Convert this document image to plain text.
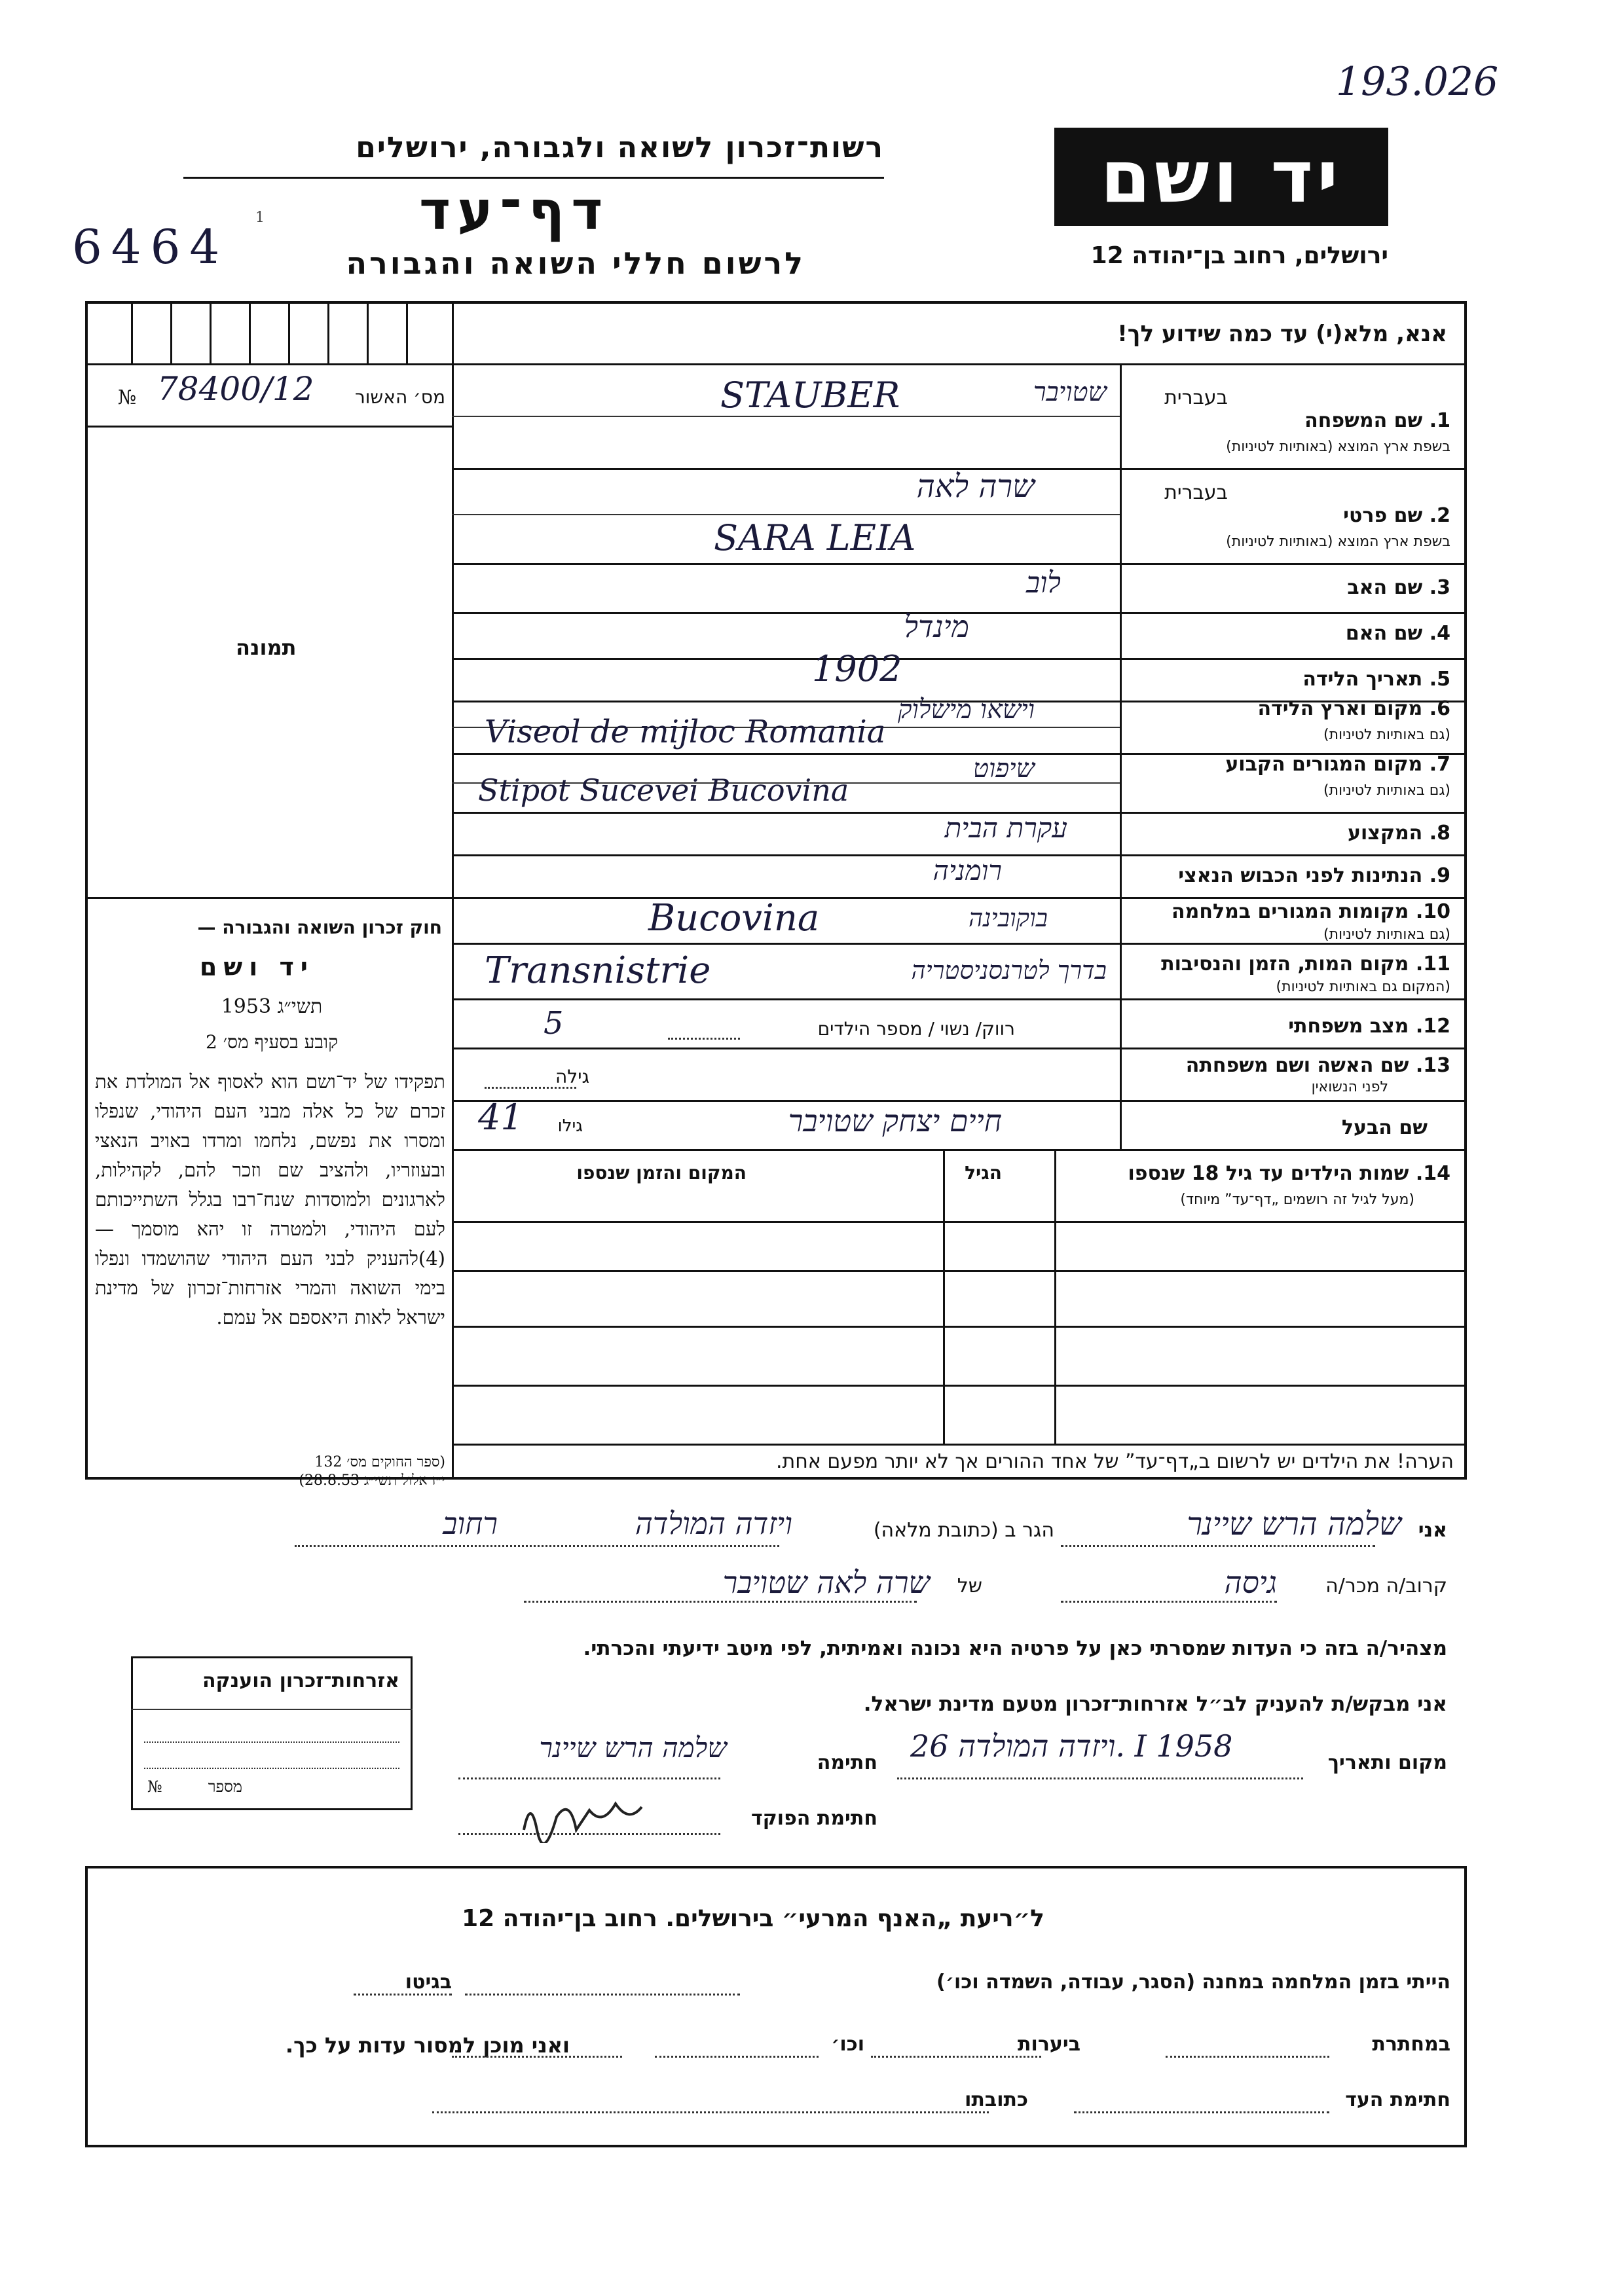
193.026
יד ושם
ירושלים, רחוב בן־יהודה 12
רשות־זכרון לשואה ולגבורה, ירושלים
דף־עד
1
6464	לרשום חללי השואה והגבורה
אנא, מלא(י) עד כמה שידוע לך!
№ 78400/12 מס׳ האשור
תמונה
בעברית
1. שם המשפחה
בשפת ארץ המוצא (באותיות לטיניות)
STAUBER	שטויבר
בעברית
2. שם פרטי
בשפת ארץ המוצא (באותיות לטיניות)
שרה לאה
SARA LEIA
3. שם האב
לוב
4. שם האם
מינדל
5. תאריך הלידה
1902
6. מקום וארץ הלידה
(גם באותיות לטיניות)
וישאו מישלוק
Viseol de mijloc Romania
7. מקום המגורים הקבוע
(גם באותיות לטיניות)
שיפוט
Stipot Sucevei Bucovina
8. המקצוע
עקרת הבית
9. הנתינות לפני הכבוש הנאצי
רומניה
10. מקומות המגורים במלחמה
(גם באותיות לטיניות)
Bucovina	בוקובינה
11. מקום המות, הזמן והנסיבות
(המקום גם באותיות לטיניות)
Transnistrie	בדרך לטרנסניסטריה
12. מצב משפחתי
רווק/ נשוי / מספר הילדים
5
13. שם האשה ושם משפחתה
לפני הנשואין
גילה
שם הבעל
חיים יצחק שטויבר
גילו
41
14. שמות הילדים עד גיל 18 שנספו
(מעל לגיל זה רושמים „דף־עד” מיוחד)
הגיל
המקום והזמן שנספו
הערה! את הילדים יש לרשום ב„דף־עד” של אחד ההורים אך לא יותר מפעם אחת.
חוק זכרון השואה והגבורה —
יד ושם
1953 תשי״ג
קובע בסעיף מס׳ 2
תפקידו של יד־ושם הוא לאסוף אל המולדת את זכרם של כל אלה מבני העם היהודי, שנפלו ומסרו את נפשם, נלחמו ומרדו באויב הנאצי ובעוזריו, ולהציב שם וזכר להם, לקהילות, לארגונים ולמוסדות שנח־רבו בגלל השתייכותם לעם היהודי, ולמטרה זו יהא מוסמך — (4)להעניק לבני העם היהודי שהושמדו ונפלו בימי השואה והמרי אזרחות־זכרון של מדינת ישראל לאות היאספם אל עמם.
(ספר החוקים מס׳ 132
י״ז אלול תשי״ג 28.8.53)
אני
שלמה הרש שיינר
הגר ב (כתובת מלאה)
ויזדה המולדה
רחוב
קרוב/ה מכר/ה
גיסה
של
שרה לאה שטויבר
מצהיר/ה בזה כי העדות שמסרתי כאן על פרטיה היא נכונה ואמיתית, לפי מיטב ידיעתי והכרתי.
אני מבקש/ת להעניק לב״ל אזרחות־זכרון מטעם מדינת ישראל.
מקום ותאריך
ויזדה המולדה 26. I 1958
חתימה
שלמה הרש שיינר
חתימת הפוקד
אזרחות־זכרון הוענקה
№	מספר
ל״ריעת „האנף המרעי״ בירושלים. רחוב בן־יהודה 12
הייתי בזמן המלחמה במחנה (הסגר, עבודה, השמדה וכו׳)
בגיטו
במחתרת
ביערות
וכו׳
ואני מוכן למסור עדות על כך.
חתימת העד
כתובתו
